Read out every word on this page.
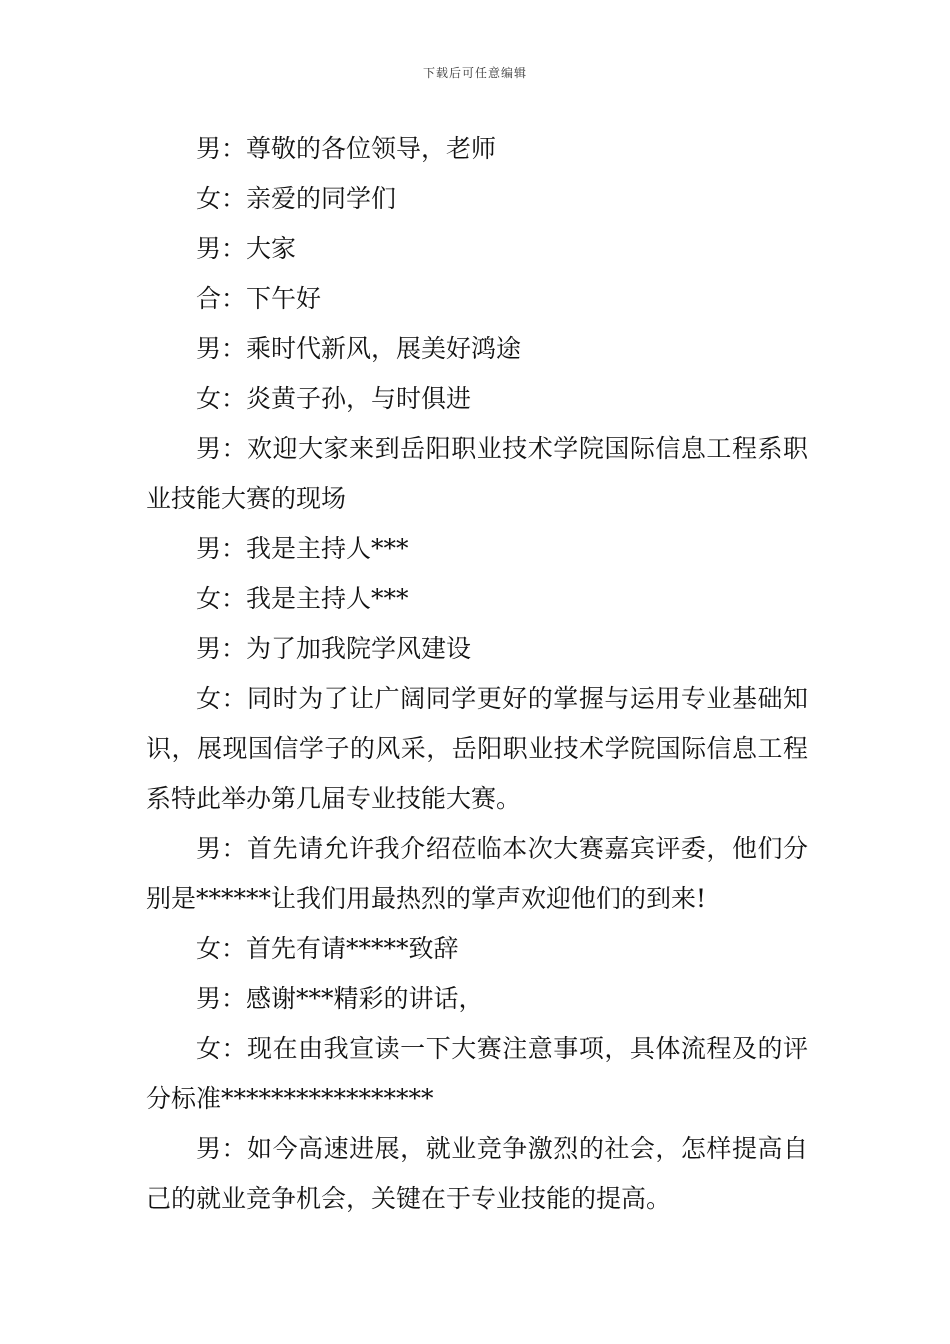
下载后可任意编辑

男：尊敬的各位领导，老师

女：亲爱的同学们

男：大家

合：下午好

男：乘时代新风，展美好鸿途

女：炎黄子孙，与时俱进

男：欢迎大家来到岳阳职业技术学院国际信息工程系职业技能大赛的现场

男：我是主持人***

女：我是主持人***

男：为了加我院学风建设

女：同时为了让广阔同学更好的掌握与运用专业基础知识，展现国信学子的风采，岳阳职业技术学院国际信息工程系特此举办第几届专业技能大赛。

男：首先请允许我介绍莅临本次大赛嘉宾评委，他们分别是******让我们用最热烈的掌声欢迎他们的到来!

女：首先有请*****致辞

男：感谢***精彩的讲话，

女：现在由我宣读一下大赛注意事项，具体流程及的评分标准*****************

男：如今高速进展，就业竞争激烈的社会，怎样提高自己的就业竞争机会，关键在于专业技能的提高。
